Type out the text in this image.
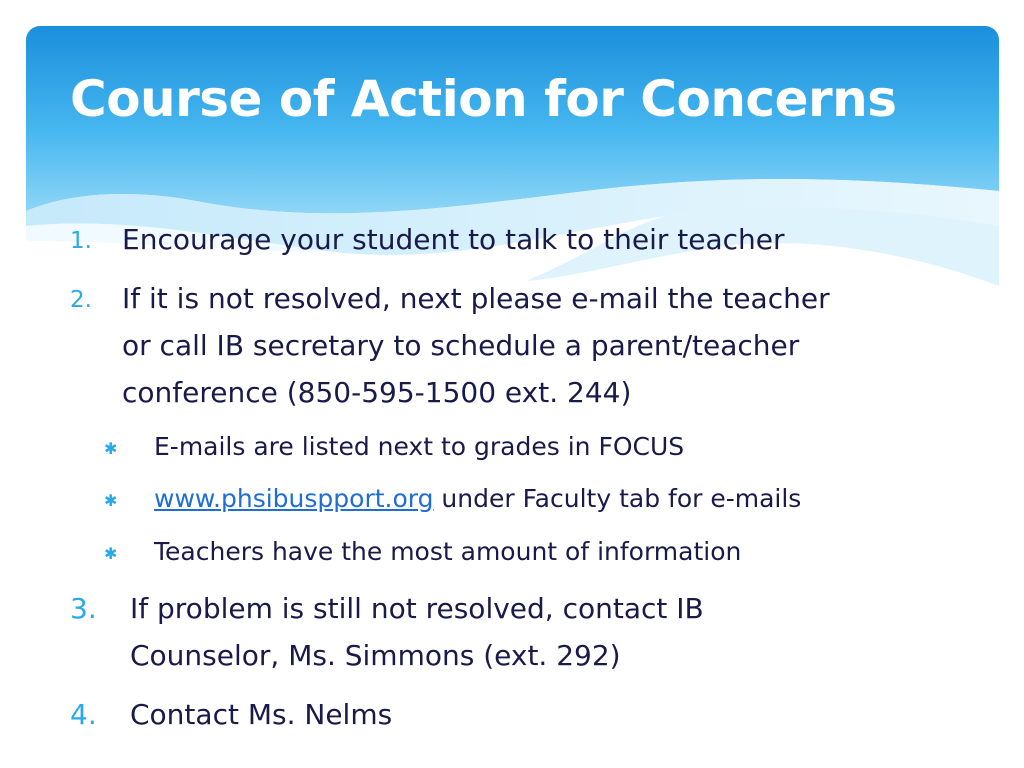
Course of Action for Concerns
1. Encourage your student to talk to their teacher
2. If it is not resolved, next please e-mail the teacher
or call IB secretary to schedule a parent/teacher
conference (850-595-1500 ext. 244)
✱ E-mails are listed next to grades in FOCUS
✱ www.phsibuspport.org under Faculty tab for e-mails
✱ Teachers have the most amount of information
3. If problem is still not resolved, contact IB
Counselor, Ms. Simmons (ext. 292)
4. Contact Ms. Nelms
